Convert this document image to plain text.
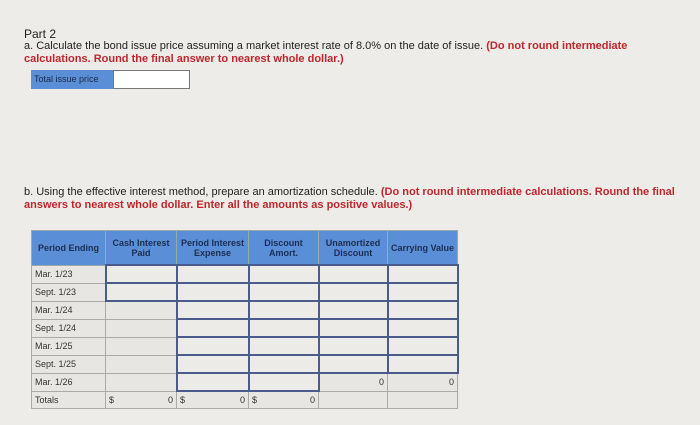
Part 2
a. Calculate the bond issue price assuming a market interest rate of 8.0% on the date of issue. (Do not round intermediate calculations. Round the final answer to nearest whole dollar.)
Total issue price
b. Using the effective interest method, prepare an amortization schedule. (Do not round intermediate calculations. Round the final answers to nearest whole dollar. Enter all the amounts as positive values.)
Period Ending	Cash Interest Paid	Period Interest Expense	Discount Amort.	Unamortized Discount	Carrying Value
Mar. 1/23					
Sept. 1/23					
Mar. 1/24					
Sept. 1/24					
Mar. 1/25					
Sept. 1/25					
Mar. 1/26				0	0
Totals	$ 0	$ 0	$ 0		
